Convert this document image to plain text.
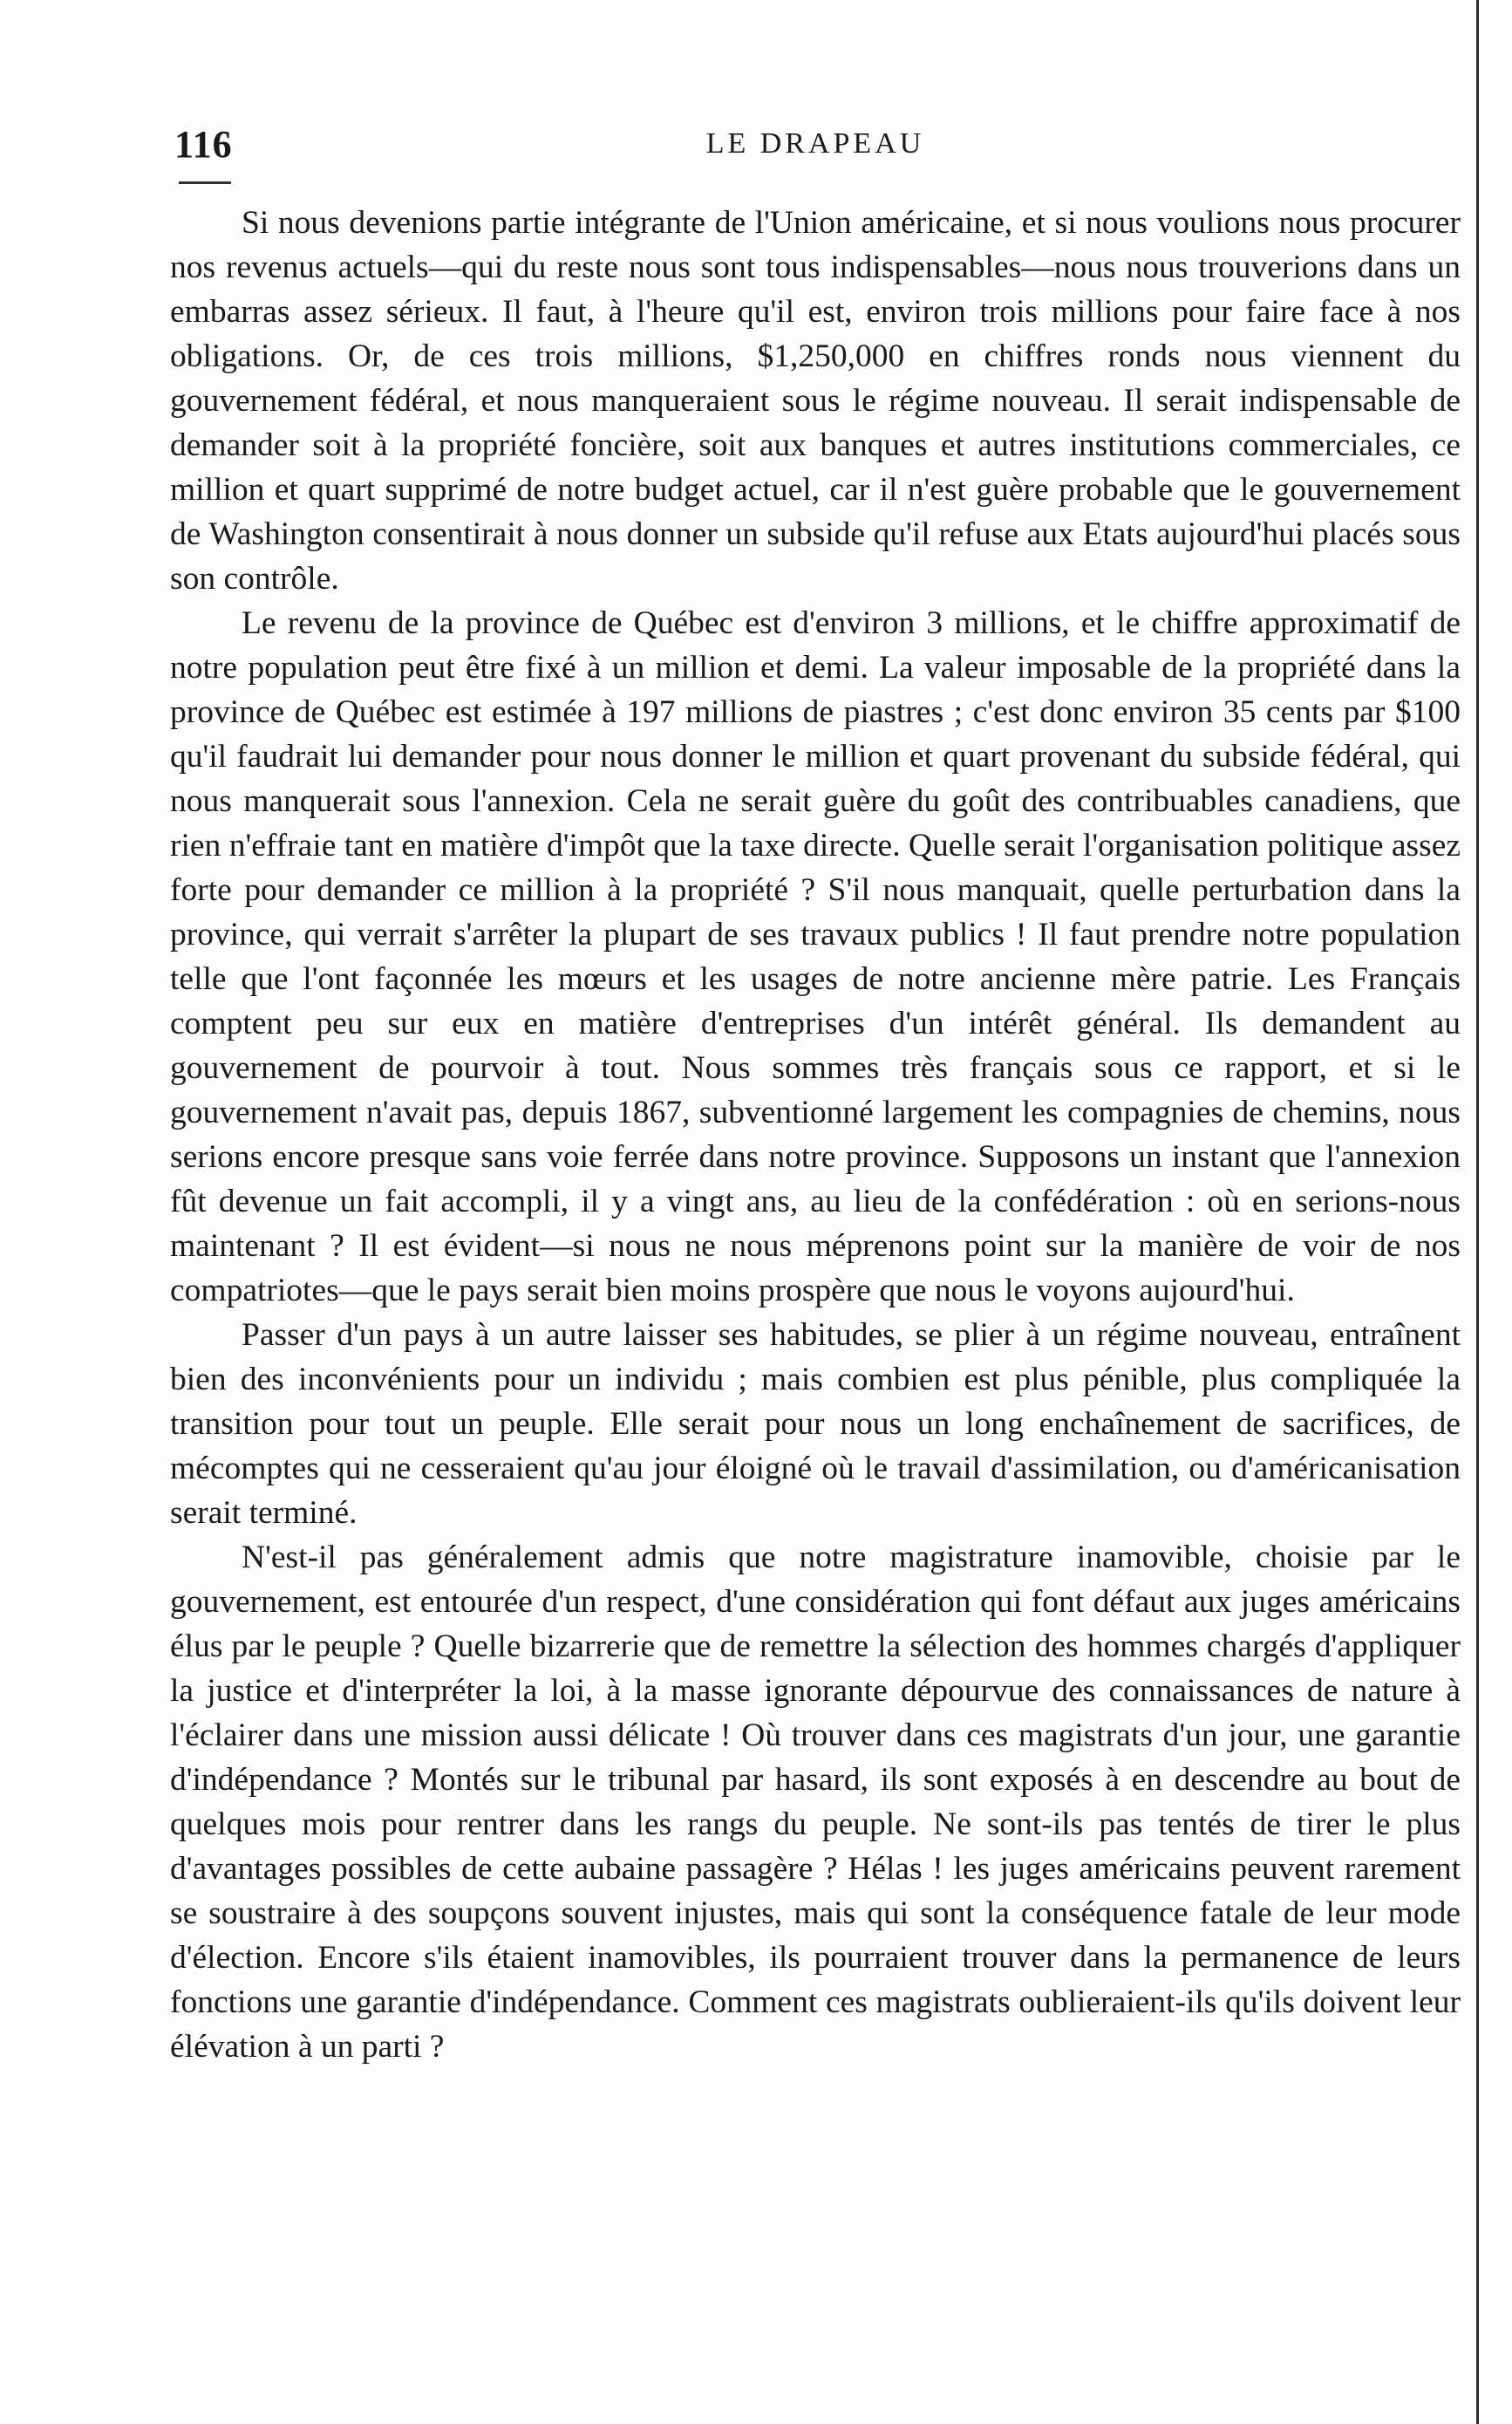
116	LE DRAPEAU

Si nous devenions partie intégrante de l'Union américaine, et si nous voulions nous procurer nos revenus actuels—qui du reste nous sont tous indispensables—nous nous trouverions dans un embarras assez sérieux. Il faut, à l'heure qu'il est, environ trois millions pour faire face à nos obligations. Or, de ces trois millions, $1,250,000 en chiffres ronds nous viennent du gouvernement fédéral, et nous manqueraient sous le régime nouveau. Il serait indispensable de demander soit à la propriété foncière, soit aux banques et autres institutions commerciales, ce million et quart supprimé de notre budget actuel, car il n'est guère probable que le gouvernement de Washington consentirait à nous donner un subside qu'il refuse aux Etats aujourd'hui placés sous son contrôle.

Le revenu de la province de Québec est d'environ 3 millions, et le chiffre approximatif de notre population peut être fixé à un million et demi. La valeur imposable de la propriété dans la province de Québec est estimée à 197 millions de piastres ; c'est donc environ 35 cents par $100 qu'il faudrait lui demander pour nous donner le million et quart provenant du subside fédéral, qui nous manquerait sous l'annexion. Cela ne serait guère du goût des contribuables canadiens, que rien n'effraie tant en matière d'impôt que la taxe directe. Quelle serait l'organisation politique assez forte pour demander ce million à la propriété ? S'il nous manquait, quelle perturbation dans la province, qui verrait s'arrêter la plupart de ses travaux publics ! Il faut prendre notre population telle que l'ont façonnée les mœurs et les usages de notre ancienne mère patrie. Les Français comptent peu sur eux en matière d'entreprises d'un intérêt général. Ils demandent au gouvernement de pourvoir à tout. Nous sommes très français sous ce rapport, et si le gouvernement n'avait pas, depuis 1867, subventionné largement les compagnies de chemins, nous serions encore presque sans voie ferrée dans notre province. Supposons un instant que l'annexion fût devenue un fait accompli, il y a vingt ans, au lieu de la confédération : où en serions-nous maintenant ? Il est évident—si nous ne nous méprenons point sur la manière de voir de nos compatriotes—que le pays serait bien moins prospère que nous le voyons aujourd'hui.

Passer d'un pays à un autre laisser ses habitudes, se plier à un régime nouveau, entraînent bien des inconvénients pour un individu ; mais combien est plus pénible, plus compliquée la transition pour tout un peuple. Elle serait pour nous un long enchaînement de sacrifices, de mécomptes qui ne cesseraient qu'au jour éloigné où le travail d'assimilation, ou d'américanisation serait terminé.

N'est-il pas généralement admis que notre magistrature inamovible, choisie par le gouvernement, est entourée d'un respect, d'une considération qui font défaut aux juges américains élus par le peuple ? Quelle bizarrerie que de remettre la sélection des hommes chargés d'appliquer la justice et d'interpréter la loi, à la masse ignorante dépourvue des connaissances de nature à l'éclairer dans une mission aussi délicate ! Où trouver dans ces magistrats d'un jour, une garantie d'indépendance ? Montés sur le tribunal par hasard, ils sont exposés à en descendre au bout de quelques mois pour rentrer dans les rangs du peuple. Ne sont-ils pas tentés de tirer le plus d'avantages possibles de cette aubaine passagère ? Hélas ! les juges américains peuvent rarement se soustraire à des soupçons souvent injustes, mais qui sont la conséquence fatale de leur mode d'élection. Encore s'ils étaient inamovibles, ils pourraient trouver dans la permanence de leurs fonctions une garantie d'indépendance. Comment ces magistrats oublieraient-ils qu'ils doivent leur élévation à un parti ?
